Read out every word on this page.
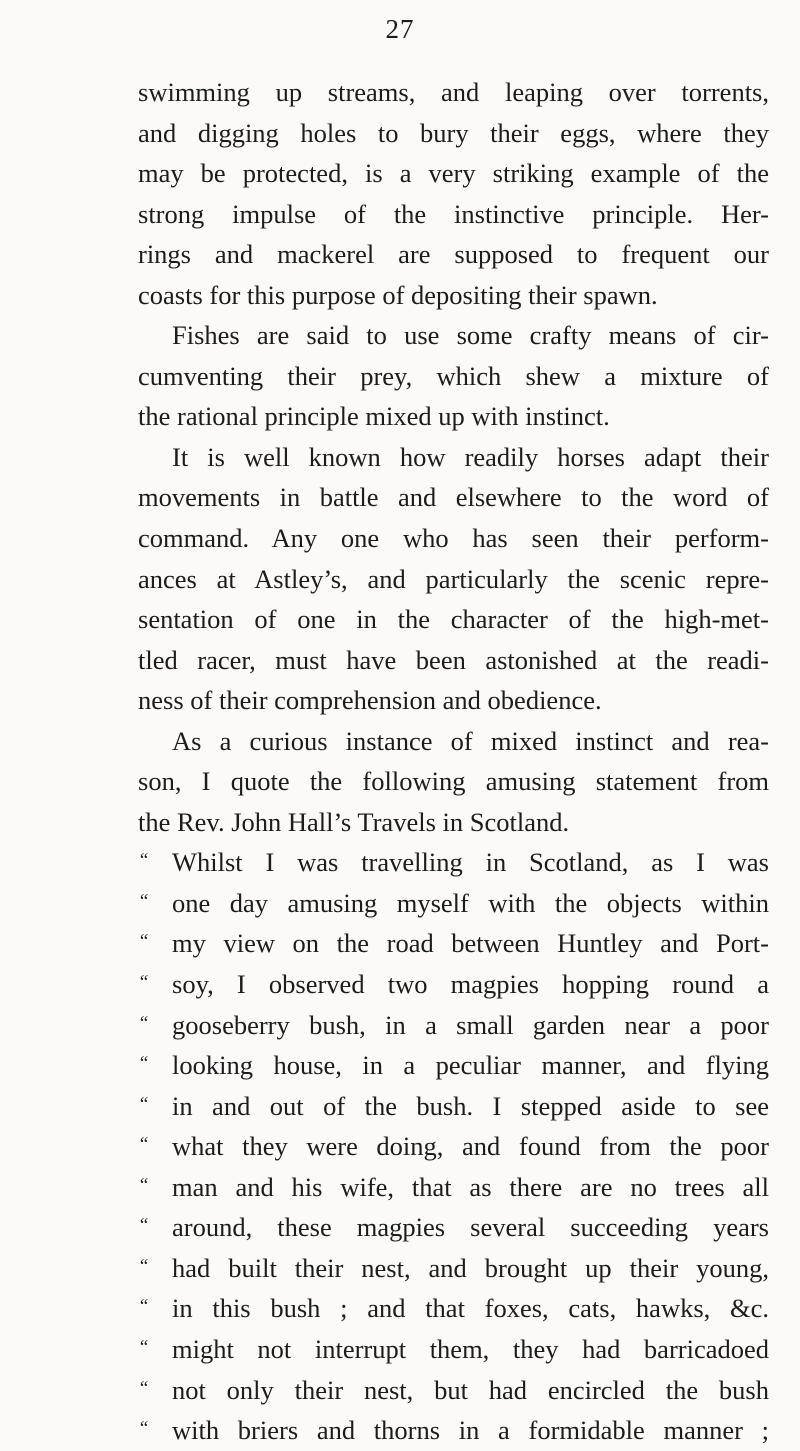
27
swimming up streams, and leaping over torrents,
and digging holes to bury their eggs, where they
may be protected, is a very striking example of the
strong impulse of the instinctive principle. Her-
rings and mackerel are supposed to frequent our
coasts for this purpose of depositing their spawn.
Fishes are said to use some crafty means of cir-
cumventing their prey, which shew a mixture of
the rational principle mixed up with instinct.
It is well known how readily horses adapt their
movements in battle and elsewhere to the word of
command. Any one who has seen their perform-
ances at Astley’s, and particularly the scenic repre-
sentation of one in the character of the high-met-
tled racer, must have been astonished at the readi-
ness of their comprehension and obedience.
As a curious instance of mixed instinct and rea-
son, I quote the following amusing statement from
the Rev. John Hall’s Travels in Scotland.
“ Whilst I was travelling in Scotland, as I was
“ one day amusing myself with the objects within
“ my view on the road between Huntley and Port-
“ soy, I observed two magpies hopping round a
“ gooseberry bush, in a small garden near a poor
“ looking house, in a peculiar manner, and flying
“ in and out of the bush. I stepped aside to see
“ what they were doing, and found from the poor
“ man and his wife, that as there are no trees all
“ around, these magpies several succeeding years
“ had built their nest, and brought up their young,
“ in this bush ; and that foxes, cats, hawks, &c.
“ might not interrupt them, they had barricadoed
“ not only their nest, but had encircled the bush
“ with briers and thorns in a formidable manner ;
